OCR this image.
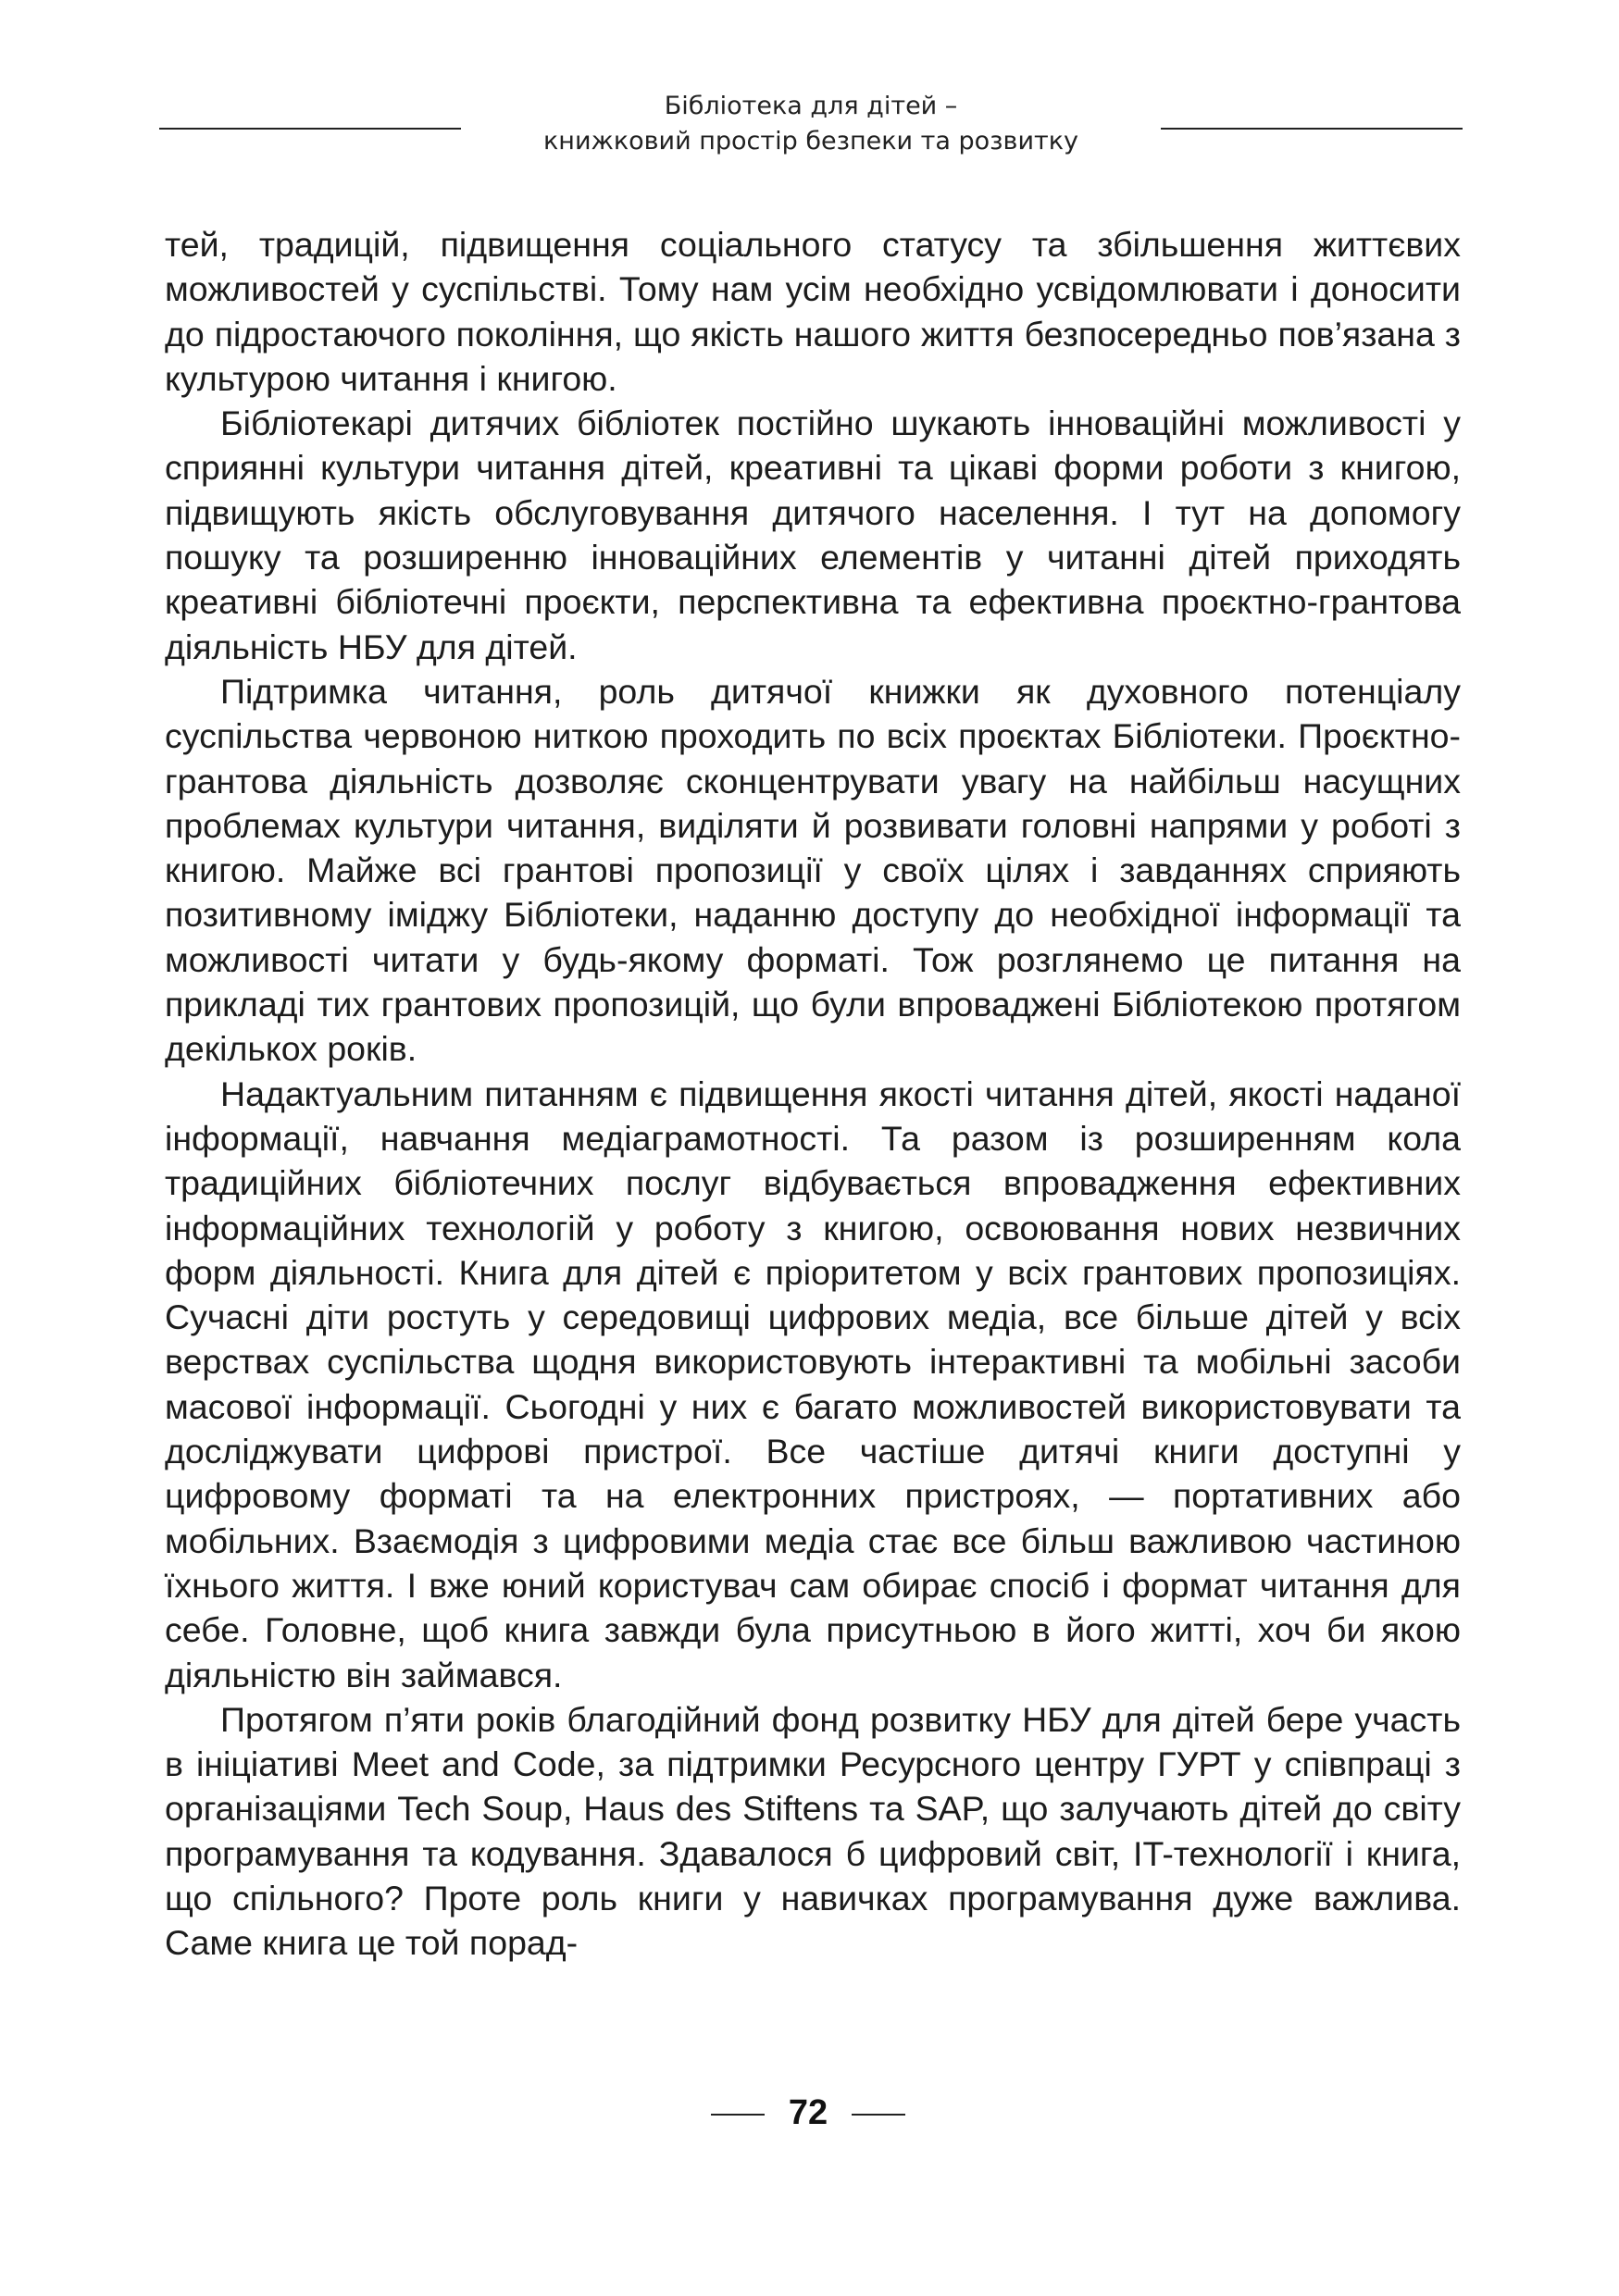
Бібліотека для дітей –
книжковий простір безпеки та розвитку

тей, традицій, підвищення соціального статусу та збільшення життєвих можливостей у суспільстві. Тому нам усім необхідно усвідомлювати і доносити до підростаючого покоління, що якість нашого життя безпосередньо пов’язана з культурою читання і книгою.

Бібліотекарі дитячих бібліотек постійно шукають інноваційні можливості у сприянні культури читання дітей, креативні та цікаві форми роботи з книгою, підвищують якість обслуговування дитячого населення. І тут на допомогу пошуку та розширенню інноваційних елементів у читанні дітей приходять креативні бібліотечні проєкти, перспективна та ефективна проєктно-грантова діяльність НБУ для дітей.

Підтримка читання, роль дитячої книжки як духовного потенціалу суспільства червоною ниткою проходить по всіх проєктах Бібліотеки. Проєктно-грантова діяльність дозволяє сконцентрувати увагу на найбільш насущних проблемах культури читання, виділяти й розвивати головні напрями у роботі з книгою. Майже всі грантові пропозиції у своїх цілях і завданнях сприяють позитивному іміджу Бібліотеки, наданню доступу до необхідної інформації та можливості читати у будь-якому форматі. Тож розглянемо це питання на прикладі тих грантових пропозицій, що були впроваджені Бібліотекою протягом декількох років.

Надактуальним питанням є підвищення якості читання дітей, якості наданої інформації, навчання медіаграмотності. Та разом із розширенням кола традиційних бібліотечних послуг відбувається впровадження ефективних інформаційних технологій у роботу з книгою, освоювання нових незвичних форм діяльності. Книга для дітей є пріоритетом у всіх грантових пропозиціях. Сучасні діти ростуть у середовищі цифрових медіа, все більше дітей у всіх верствах суспільства щодня використовують інтерактивні та мобільні засоби масової інформації. Сьогодні у них є багато можливостей використовувати та досліджувати цифрові пристрої. Все частіше дитячі книги доступні у цифровому форматі та на електронних пристроях, — портативних або мобільних. Взаємодія з цифровими медіа стає все більш важливою частиною їхнього життя. І вже юний користувач сам обирає спосіб і формат читання для себе. Головне, щоб книга завжди була присутньою в його житті, хоч би якою діяльністю він займався.

Протягом п’яти років благодійний фонд розвитку НБУ для дітей бере участь в ініціативі Meet and Code, за підтримки Ресурсного центру ГУРТ у співпраці з організаціями Tech Soup, Haus des Stiftens та SAP, що залучають дітей до світу програмування та кодування. Здавалося б цифровий світ, IT-технології і книга, що спільного? Проте роль книги у навичках програмування дуже важлива. Саме книга це той порад-

72
